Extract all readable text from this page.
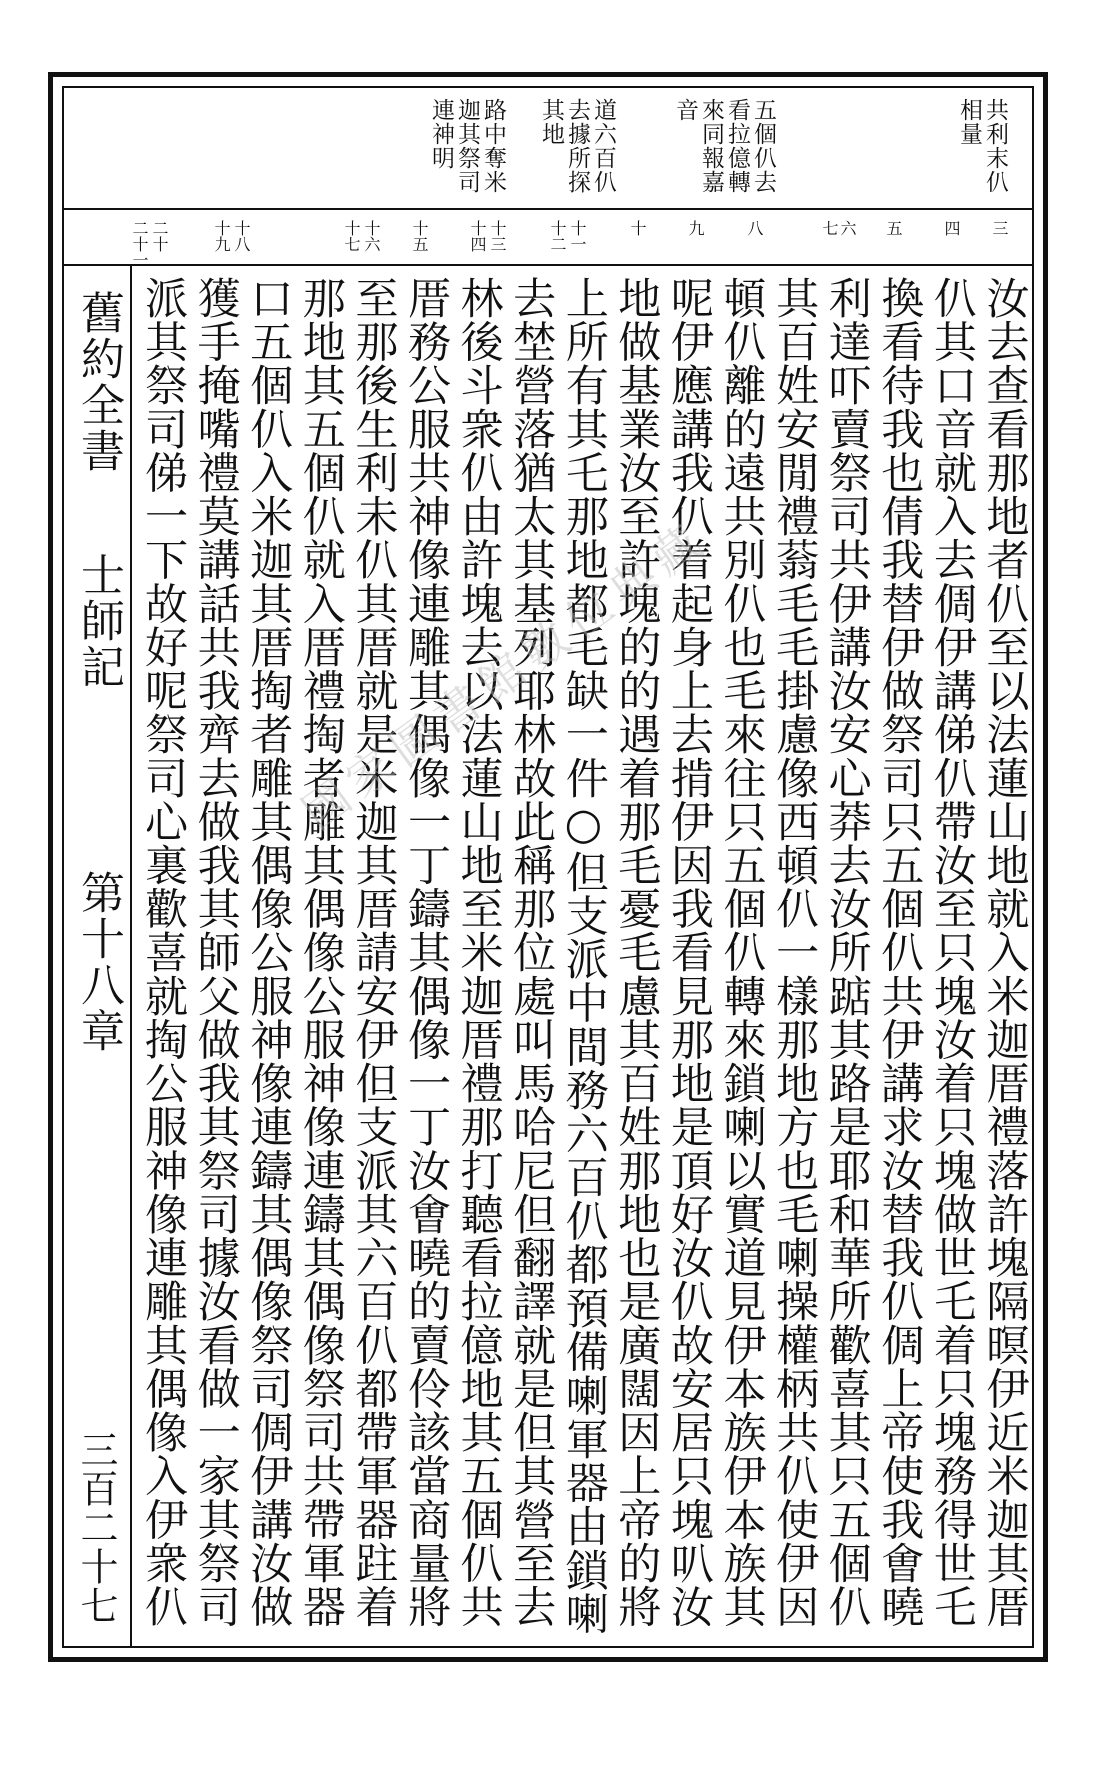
共利末仈
相量
五個仈去
看拉億轉
來同報嘉
音
道六百仈
去據所探
其地
路中奪米
迦其祭司
連神明
三
四
五
六
七
八
九
十
十一
十二
十三
十四
十五
十六
十七
十八
十九
二十
二十一
舊約全書 　 士師記
第十八章
三百二十七
汝去查看那地者仈至以法蓮山地就入米迦厝禮落許塊隔暝伊近米迦其厝
仈其口音就入去倜伊講俤仈帶汝至只塊汝着只塊做世乇着只塊務得世乇
換看待我也倩我替伊做祭司只五個仈共伊講求汝替我仈倜上帝使我㑹曉
利達吓賣祭司共伊講汝安心莽去汝所踮其路是耶和華所歡喜其只五個仈
其百姓安閒禮蓊毛毛掛慮像西頓仈一樣那地方也毛喇操權柄共仈使伊因
頓仈離的遠共別仈也毛來往只五個仈轉來鎖喇以實道見伊本族伊本族其
呢伊應講我仈着起身上去掯伊因我看見那地是頂好汝仈故安居只塊叭汝
地做基業汝至許塊的的遇着那毛憂毛慮其百姓那地也是廣闊因上帝的將
上所有其乇那地都毛缺一件○但支派中間務六百仈都預備喇軍器由鎖喇
去埜營落猶太其基列耶林故此稱那位處叫馬哈尼但翻譯就是但其營至去
林後斗衆仈由許塊去以法蓮山地至米迦厝禮那打聽看拉億地其五個仈共
厝務公服共神像連雕其偶像一丁鑄其偶像一丁汝㑹曉的賣伶該當商量將
至那後生利未仈其厝就是米迦其厝請安伊但支派其六百仈都帶軍器跓着
那地其五個仈就入厝禮掏者雕其偶像公服神像連鑄其偶像祭司共帶軍器
口五個仈入米迦其厝掏者雕其偶像公服神像連鑄其偶像祭司倜伊講汝做
獲手掩嘴禮莫講話共我齊去做我其師父做我其祭司據汝看做一家其祭司
派其祭司俤一下故好呢祭司心裏歡喜就掏公服神像連雕其偶像入伊衆仈
國家圖書館數位典藏
